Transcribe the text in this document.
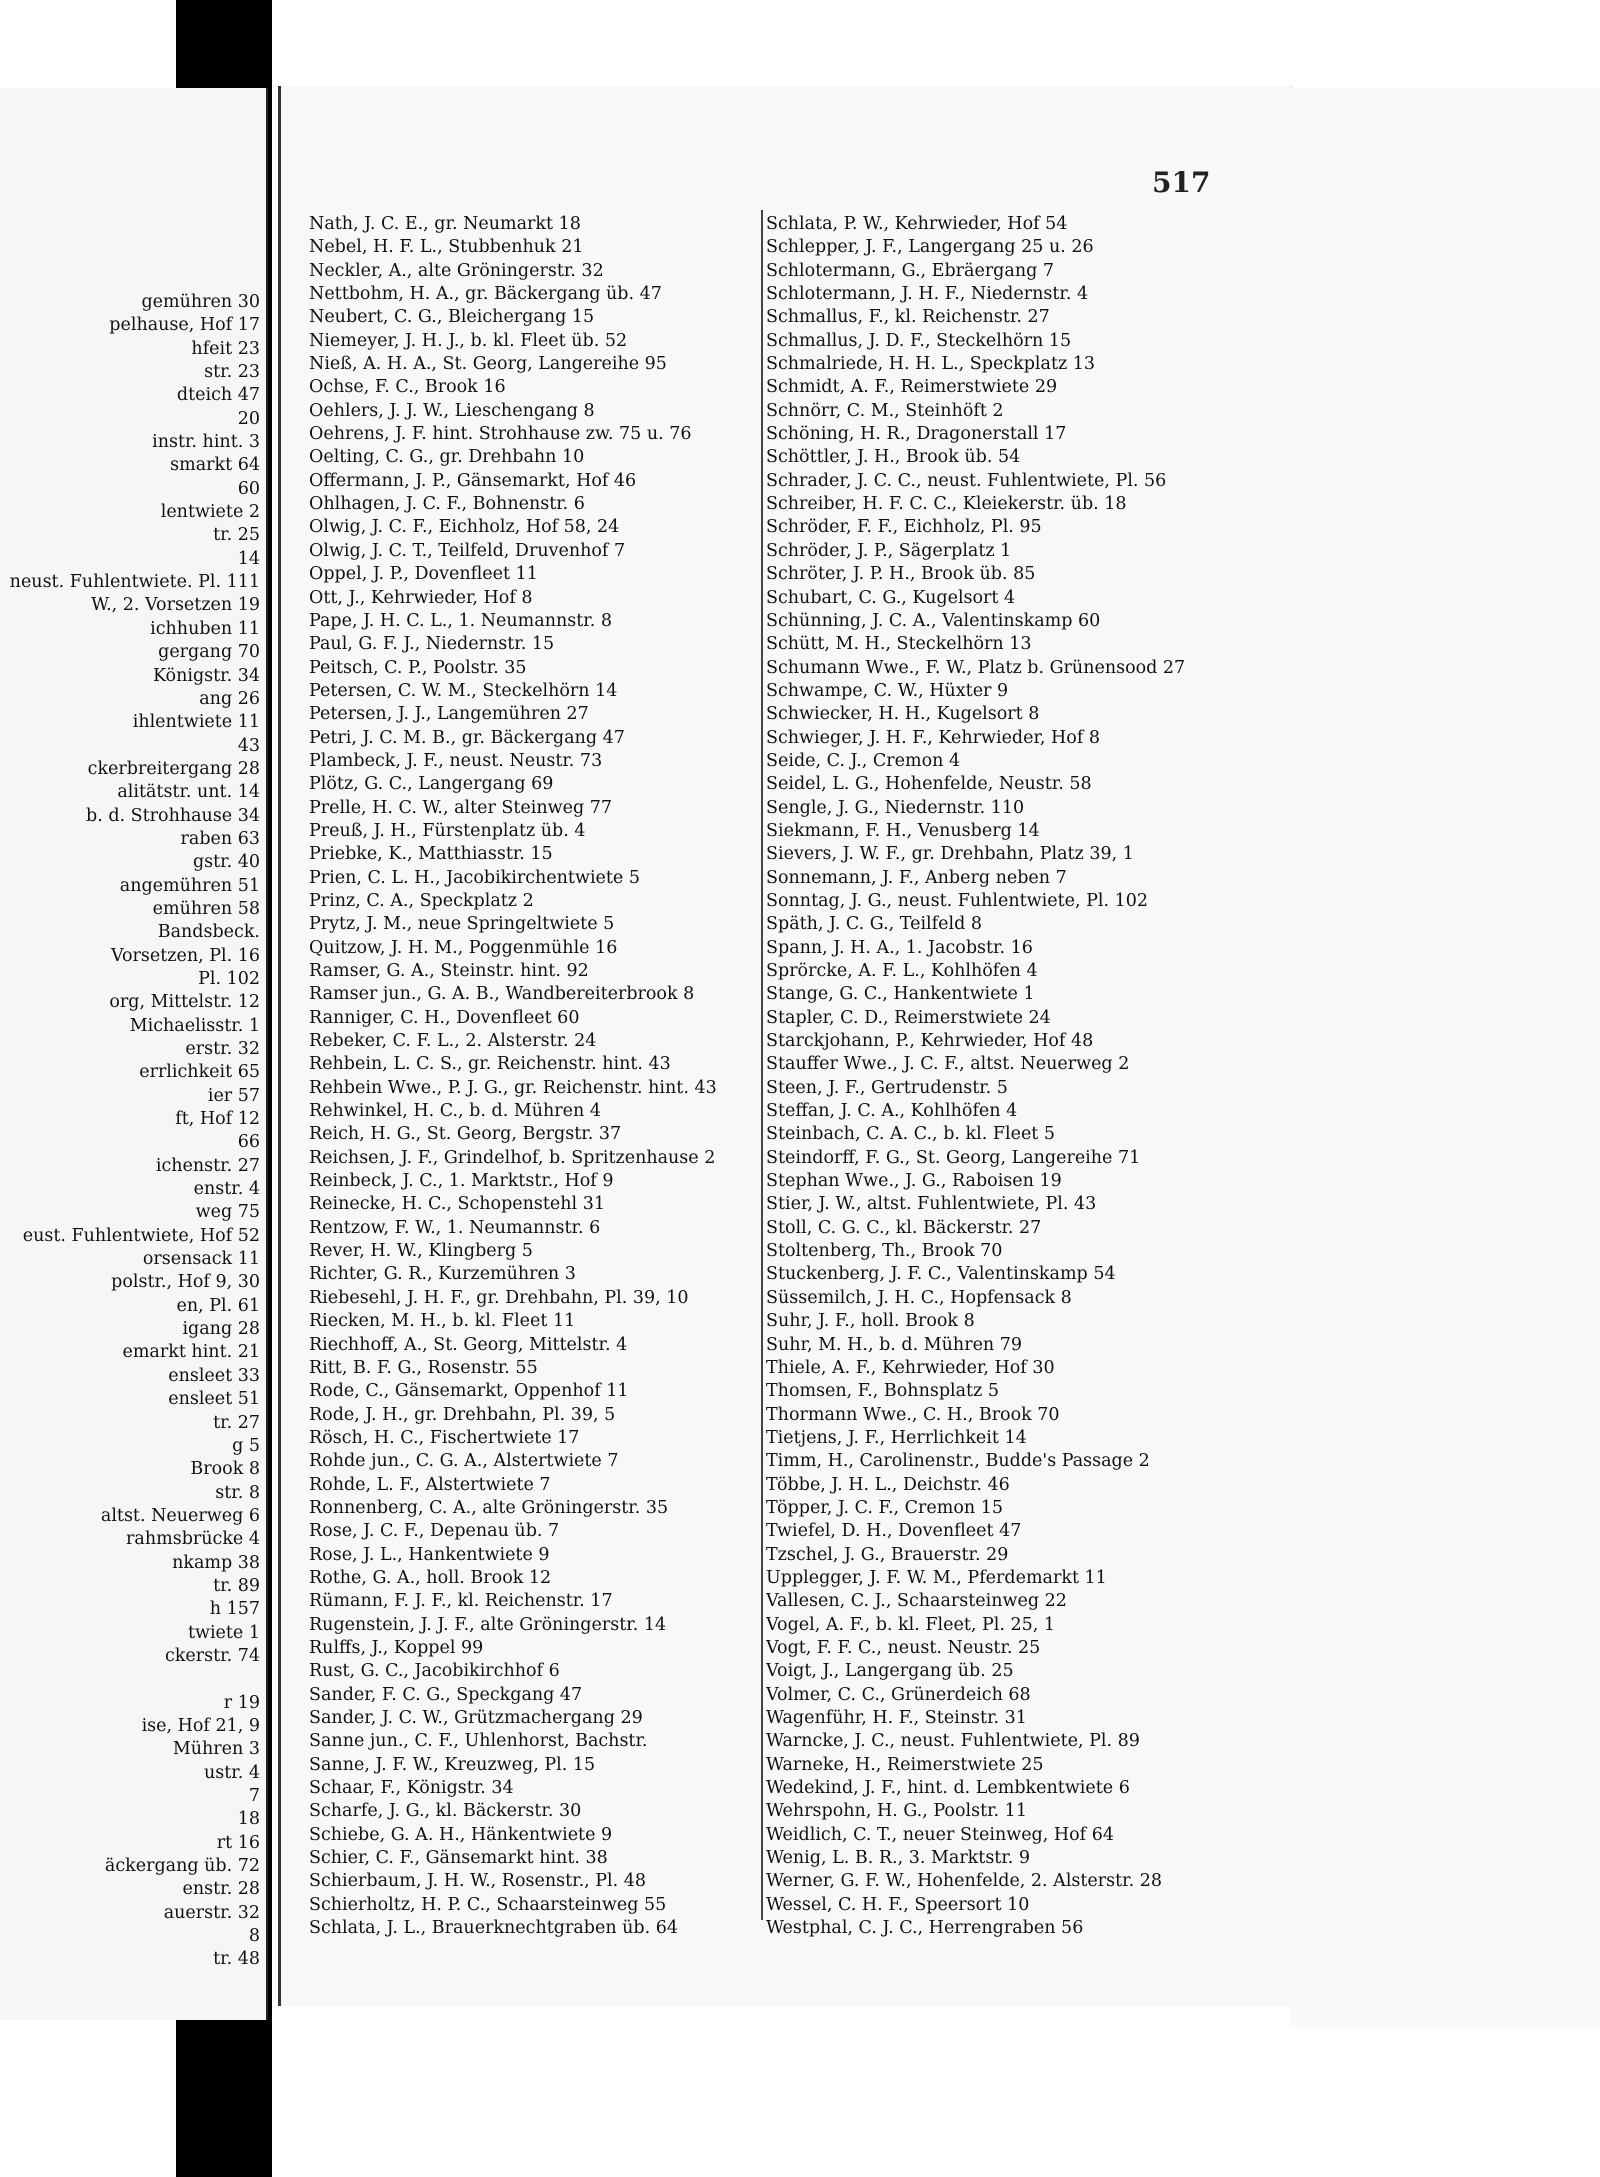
gemühren 30
pelhause, Hof 17
hfeit 23
str. 23
dteich 47
20
instr. hint. 3
smarkt 64
60
lentwiete 2
tr. 25
14
neust. Fuhlentwiete. Pl. 111
W., 2. Vorsetzen 19
ichhuben 11
gergang 70
Königstr. 34
ang 26
ihlentwiete 11
43
ckerbreitergang 28
alitätstr. unt. 14
b. d. Strohhause 34
raben 63
gstr. 40
angemühren 51
emühren 58
Bandsbeck.
Vorsetzen, Pl. 16
Pl. 102
org, Mittelstr. 12
Michaelisstr. 1
erstr. 32
errlichkeit 65
ier 57
ft, Hof 12
66
ichenstr. 27
enstr. 4
weg 75
eust. Fuhlentwiete, Hof 52
orsensack 11
polstr., Hof 9, 30
en, Pl. 61
igang 28
emarkt hint. 21
ensleet 33
ensleet 51
tr. 27
g 5
Brook 8
str. 8
altst. Neuerweg 6
rahmsbrücke 4
nkamp 38
tr. 89
h 157
twiete 1
ckerstr. 74
r 19
ise, Hof 21, 9
Mühren 3
ustr. 4
7
18
rt 16
äckergang üb. 72
enstr. 28
auerstr. 32
8
tr. 48
517
Nath, J. C. E., gr. Neumarkt 18
Nebel, H. F. L., Stubbenhuk 21
Neckler, A., alte Gröningerstr. 32
Nettbohm, H. A., gr. Bäckergang üb. 47
Neubert, C. G., Bleichergang 15
Niemeyer, J. H. J., b. kl. Fleet üb. 52
Nieß, A. H. A., St. Georg, Langereihe 95
Ochse, F. C., Brook 16
Oehlers, J. J. W., Lieschengang 8
Oehrens, J. F. hint. Strohhause zw. 75 u. 76
Oelting, C. G., gr. Drehbahn 10
Offermann, J. P., Gänsemarkt, Hof 46
Ohlhagen, J. C. F., Bohnenstr. 6
Olwig, J. C. F., Eichholz, Hof 58, 24
Olwig, J. C. T., Teilfeld, Druvenhof 7
Oppel, J. P., Dovenfleet 11
Ott, J., Kehrwieder, Hof 8
Pape, J. H. C. L., 1. Neumannstr. 8
Paul, G. F. J., Niedernstr. 15
Peitsch, C. P., Poolstr. 35
Petersen, C. W. M., Steckelhörn 14
Petersen, J. J., Langemühren 27
Petri, J. C. M. B., gr. Bäckergang 47
Plambeck, J. F., neust. Neustr. 73
Plötz, G. C., Langergang 69
Prelle, H. C. W., alter Steinweg 77
Preuß, J. H., Fürstenplatz üb. 4
Priebke, K., Matthiasstr. 15
Prien, C. L. H., Jacobikirchentwiete 5
Prinz, C. A., Speckplatz 2
Prytz, J. M., neue Springeltwiete 5
Quitzow, J. H. M., Poggenmühle 16
Ramser, G. A., Steinstr. hint. 92
Ramser jun., G. A. B., Wandbereiterbrook 8
Ranniger, C. H., Dovenfleet 60
Rebeker, C. F. L., 2. Alsterstr. 24
Rehbein, L. C. S., gr. Reichenstr. hint. 43
Rehbein Wwe., P. J. G., gr. Reichenstr. hint. 43
Rehwinkel, H. C., b. d. Mühren 4
Reich, H. G., St. Georg, Bergstr. 37
Reichsen, J. F., Grindelhof, b. Spritzenhause 2
Reinbeck, J. C., 1. Marktstr., Hof 9
Reinecke, H. C., Schopenstehl 31
Rentzow, F. W., 1. Neumannstr. 6
Rever, H. W., Klingberg 5
Richter, G. R., Kurzemühren 3
Riebesehl, J. H. F., gr. Drehbahn, Pl. 39, 10
Riecken, M. H., b. kl. Fleet 11
Riechhoff, A., St. Georg, Mittelstr. 4
Ritt, B. F. G., Rosenstr. 55
Rode, C., Gänsemarkt, Oppenhof 11
Rode, J. H., gr. Drehbahn, Pl. 39, 5
Rösch, H. C., Fischertwiete 17
Rohde jun., C. G. A., Alstertwiete 7
Rohde, L. F., Alstertwiete 7
Ronnenberg, C. A., alte Gröningerstr. 35
Rose, J. C. F., Depenau üb. 7
Rose, J. L., Hankentwiete 9
Rothe, G. A., holl. Brook 12
Rümann, F. J. F., kl. Reichenstr. 17
Rugenstein, J. J. F., alte Gröningerstr. 14
Rulffs, J., Koppel 99
Rust, G. C., Jacobikirchhof 6
Sander, F. C. G., Speckgang 47
Sander, J. C. W., Grützmachergang 29
Sanne jun., C. F., Uhlenhorst, Bachstr.
Sanne, J. F. W., Kreuzweg, Pl. 15
Schaar, F., Königstr. 34
Scharfe, J. G., kl. Bäckerstr. 30
Schiebe, G. A. H., Hänkentwiete 9
Schier, C. F., Gänsemarkt hint. 38
Schierbaum, J. H. W., Rosenstr., Pl. 48
Schierholtz, H. P. C., Schaarsteinweg 55
Schlata, J. L., Brauerknechtgraben üb. 64
Schlata, P. W., Kehrwieder, Hof 54
Schlepper, J. F., Langergang 25 u. 26
Schlotermann, G., Ebräergang 7
Schlotermann, J. H. F., Niedernstr. 4
Schmallus, F., kl. Reichenstr. 27
Schmallus, J. D. F., Steckelhörn 15
Schmalriede, H. H. L., Speckplatz 13
Schmidt, A. F., Reimerstwiete 29
Schnörr, C. M., Steinhöft 2
Schöning, H. R., Dragonerstall 17
Schöttler, J. H., Brook üb. 54
Schrader, J. C. C., neust. Fuhlentwiete, Pl. 56
Schreiber, H. F. C. C., Kleiekerstr. üb. 18
Schröder, F. F., Eichholz, Pl. 95
Schröder, J. P., Sägerplatz 1
Schröter, J. P. H., Brook üb. 85
Schubart, C. G., Kugelsort 4
Schünning, J. C. A., Valentinskamp 60
Schütt, M. H., Steckelhörn 13
Schumann Wwe., F. W., Platz b. Grünensood 27
Schwampe, C. W., Hüxter 9
Schwiecker, H. H., Kugelsort 8
Schwieger, J. H. F., Kehrwieder, Hof 8
Seide, C. J., Cremon 4
Seidel, L. G., Hohenfelde, Neustr. 58
Sengle, J. G., Niedernstr. 110
Siekmann, F. H., Venusberg 14
Sievers, J. W. F., gr. Drehbahn, Platz 39, 1
Sonnemann, J. F., Anberg neben 7
Sonntag, J. G., neust. Fuhlentwiete, Pl. 102
Späth, J. C. G., Teilfeld 8
Spann, J. H. A., 1. Jacobstr. 16
Sprörcke, A. F. L., Kohlhöfen 4
Stange, G. C., Hankentwiete 1
Stapler, C. D., Reimerstwiete 24
Starckjohann, P., Kehrwieder, Hof 48
Stauffer Wwe., J. C. F., altst. Neuerweg 2
Steen, J. F., Gertrudenstr. 5
Steffan, J. C. A., Kohlhöfen 4
Steinbach, C. A. C., b. kl. Fleet 5
Steindorff, F. G., St. Georg, Langereihe 71
Stephan Wwe., J. G., Raboisen 19
Stier, J. W., altst. Fuhlentwiete, Pl. 43
Stoll, C. G. C., kl. Bäckerstr. 27
Stoltenberg, Th., Brook 70
Stuckenberg, J. F. C., Valentinskamp 54
Süssemilch, J. H. C., Hopfensack 8
Suhr, J. F., holl. Brook 8
Suhr, M. H., b. d. Mühren 79
Thiele, A. F., Kehrwieder, Hof 30
Thomsen, F., Bohnsplatz 5
Thormann Wwe., C. H., Brook 70
Tietjens, J. F., Herrlichkeit 14
Timm, H., Carolinenstr., Budde's Passage 2
Többe, J. H. L., Deichstr. 46
Töpper, J. C. F., Cremon 15
Twiefel, D. H., Dovenfleet 47
Tzschel, J. G., Brauerstr. 29
Upplegger, J. F. W. M., Pferdemarkt 11
Vallesen, C. J., Schaarsteinweg 22
Vogel, A. F., b. kl. Fleet, Pl. 25, 1
Vogt, F. F. C., neust. Neustr. 25
Voigt, J., Langergang üb. 25
Volmer, C. C., Grünerdeich 68
Wagenführ, H. F., Steinstr. 31
Warncke, J. C., neust. Fuhlentwiete, Pl. 89
Warneke, H., Reimerstwiete 25
Wedekind, J. F., hint. d. Lembkentwiete 6
Wehrspohn, H. G., Poolstr. 11
Weidlich, C. T., neuer Steinweg, Hof 64
Wenig, L. B. R., 3. Marktstr. 9
Werner, G. F. W., Hohenfelde, 2. Alsterstr. 28
Wessel, C. H. F., Speersort 10
Westphal, C. J. C., Herrengraben 56
